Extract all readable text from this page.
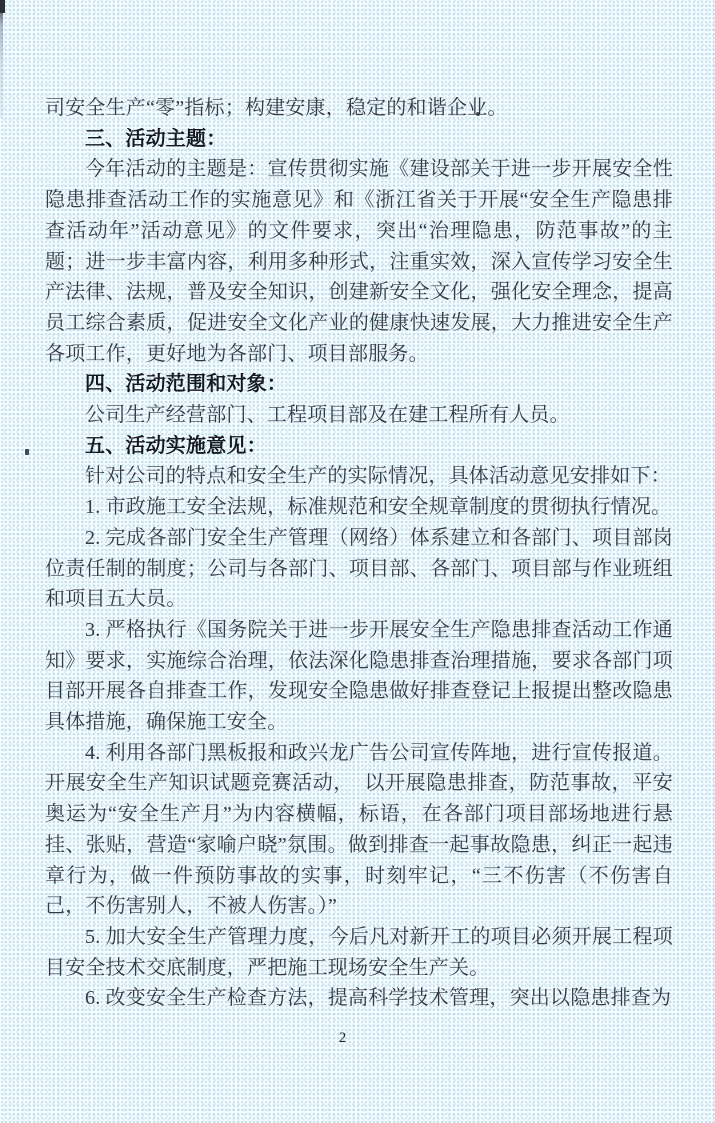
司安全生产“零”指标；构建安康，稳定的和谐企业。

三、活动主题：

今年活动的主题是：宣传贯彻实施《建设部关于进一步开展安全性隐患排查活动工作的实施意见》和《浙江省关于开展“安全生产隐患排查活动年”活动意见》的文件要求，突出“治理隐患，防范事故”的主题；进一步丰富内容，利用多种形式，注重实效，深入宣传学习安全生产法律、法规，普及安全知识，创建新安全文化，强化安全理念，提高员工综合素质，促进安全文化产业的健康快速发展，大力推进安全生产各项工作，更好地为各部门、项目部服务。

四、活动范围和对象：

公司生产经营部门、工程项目部及在建工程所有人员。

五、活动实施意见：

针对公司的特点和安全生产的实际情况，具体活动意见安排如下：

1. 市政施工安全法规，标准规范和安全规章制度的贯彻执行情况。

2. 完成各部门安全生产管理（网络）体系建立和各部门、项目部岗位责任制的制度；公司与各部门、项目部、各部门、项目部与作业班组和项目五大员。

3. 严格执行《国务院关于进一步开展安全生产隐患排查活动工作通知》要求，实施综合治理，依法深化隐患排查治理措施，要求各部门项目部开展各自排查工作，发现安全隐患做好排查登记上报提出整改隐患具体措施，确保施工安全。

4. 利用各部门黑板报和政兴龙广告公司宣传阵地，进行宣传报道。开展安全生产知识试题竞赛活动，　以开展隐患排查，防范事故，平安奥运为“安全生产月”为内容横幅，标语，在各部门项目部场地进行悬挂、张贴，营造“家喻户晓”氛围。做到排查一起事故隐患，纠正一起违章行为，做一件预防事故的实事，时刻牢记，“三不伤害（不伤害自己，不伤害别人，不被人伤害。）”

5. 加大安全生产管理力度，今后凡对新开工的项目必须开展工程项目安全技术交底制度，严把施工现场安全生产关。

6. 改变安全生产检查方法，提高科学技术管理，突出以隐患排查为

2
